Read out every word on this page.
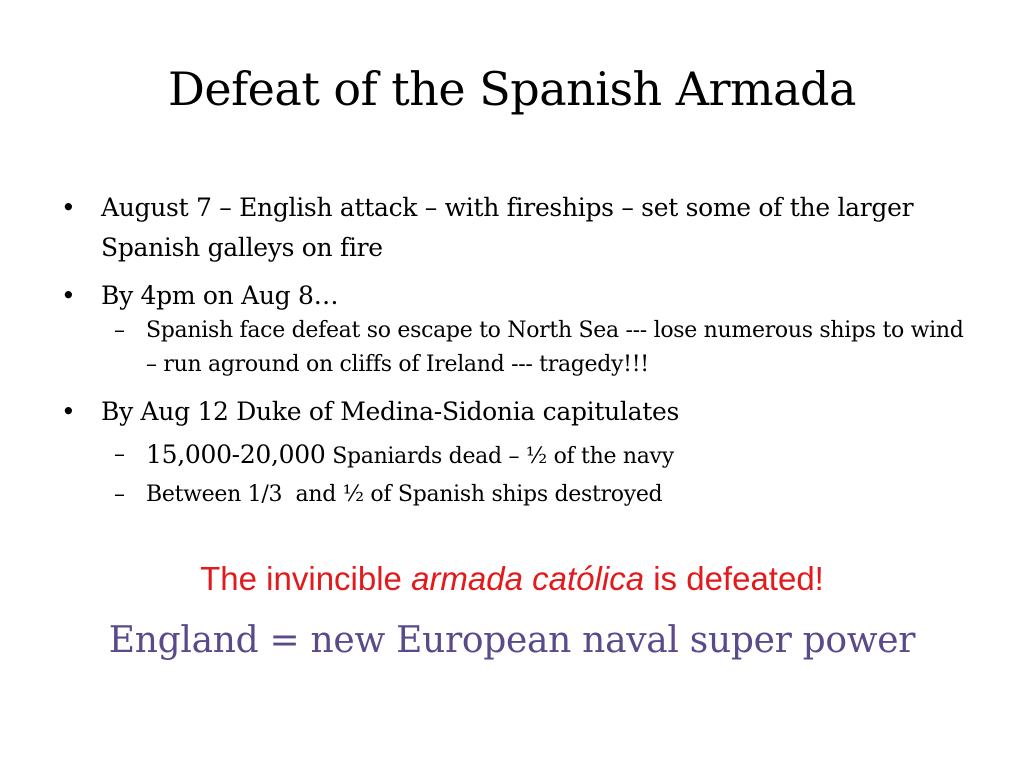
Defeat of the Spanish Armada
• August 7 – English attack – with fireships – set some of the larger Spanish galleys on fire
• By 4pm on Aug 8…
– Spanish face defeat so escape to North Sea --- lose numerous ships to wind – run aground on cliffs of Ireland --- tragedy!!!
• By Aug 12 Duke of Medina-Sidonia capitulates
– 15,000-20,000 Spaniards dead – ½ of the navy
– Between 1/3  and ½ of Spanish ships destroyed
The invincible armada católica is defeated!
England = new European naval super power
